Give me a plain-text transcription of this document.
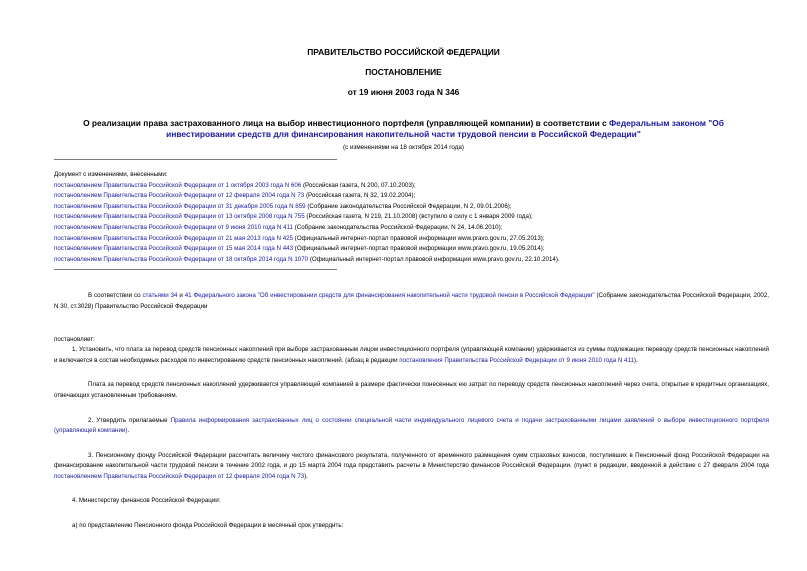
ПРАВИТЕЛЬСТВО РОССИЙСКОЙ ФЕДЕРАЦИИ
ПОСТАНОВЛЕНИЕ
от 19 июня 2003 года N 346
О реализации права застрахованного лица на выбор инвестиционного портфеля (управляющей компании) в соответствии с Федеральным законом "Об инвестировании средств для финансирования накопительной части трудовой пенсии в Российской Федерации"
(с изменениями на 18 октября 2014 года)
Документ с изменениями, внесенными:
постановлением Правительства Российской Федерации от 1 октября 2003 года N 606 (Российская газета, N 200, 07.10.2003);
постановлением Правительства Российской Федерации от 12 февраля 2004 года N 73 (Российская газета, N 32, 19.02.2004);
постановлением Правительства Российской Федерации от 31 декабря 2005 года N 859 (Собрание законодательства Российской Федерации, N 2, 09.01.2006);
постановлением Правительства Российской Федерации от 13 октября 2008 года N 755 (Российская газета, N 219, 21.10.2008) (вступило в силу с 1 января 2009 года);
постановлением Правительства Российской Федерации от 9 июня 2010 года N 411 (Собрание законодательства Российской Федерации, N 24, 14.06.2010);
постановлением Правительства Российской Федерации от 21 мая 2013 года N 425 (Официальный интернет-портал правовой информации www.pravo.gov.ru, 27.05.2013);
постановлением Правительства Российской Федерации от 15 мая 2014 года N 443 (Официальный интернет-портал правовой информации www.pravo.gov.ru, 19.05.2014);
постановлением Правительства Российской Федерации от 18 октября 2014 года N 1070 (Официальный интернет-портал правовой информации www.pravo.gov.ru, 22.10.2014).
В соответствии со статьями 34 и 41 Федерального закона "Об инвестировании средств для финансирования накопительной части трудовой пенсии в Российской Федерации" (Собрание законодательства Российской Федерации, 2002, N 30, ст.3028) Правительство Российской Федерации
постановляет:
1. Установить, что плата за перевод средств пенсионных накоплений при выборе застрахованным лицом инвестиционного портфеля (управляющей компании) удерживается из суммы подлежащих переводу средств пенсионных накоплений и включается в состав необходимых расходов по инвестированию средств пенсионных накоплений. (абзац в редакции постановления Правительства Российской Федерации от 9 июня 2010 года N 411).
Плата за перевод средств пенсионных накоплений удерживается управляющей компанией в размере фактически понесенных ею затрат по переводу средств пенсионных накоплений через счета, открытые в кредитных организациях, отвечающих установленным требованиям.
2. Утвердить прилагаемые Правила информирования застрахованных лиц о состоянии специальной части индивидуального лицевого счета и подачи застрахованными лицами заявлений о выборе инвестиционного портфеля (управляющей компании).
3. Пенсионному фонду Российской Федерации рассчитать величину чистого финансового результата, полученного от временного размещения сумм страховых взносов, поступивших в Пенсионный фонд Российской Федерации на финансирование накопительной части трудовой пенсии в течение 2002 года, и до 15 марта 2004 года представить расчеты в Министерство финансов Российской Федерации. (пункт в редакции, введенной в действие с 27 февраля 2004 года постановлением Правительства Российской Федерации от 12 февраля 2004 года N 73).
4. Министерству финансов Российской Федерации:
а) по представлению Пенсионного фонда Российской Федерации в месячный срок утвердить:
